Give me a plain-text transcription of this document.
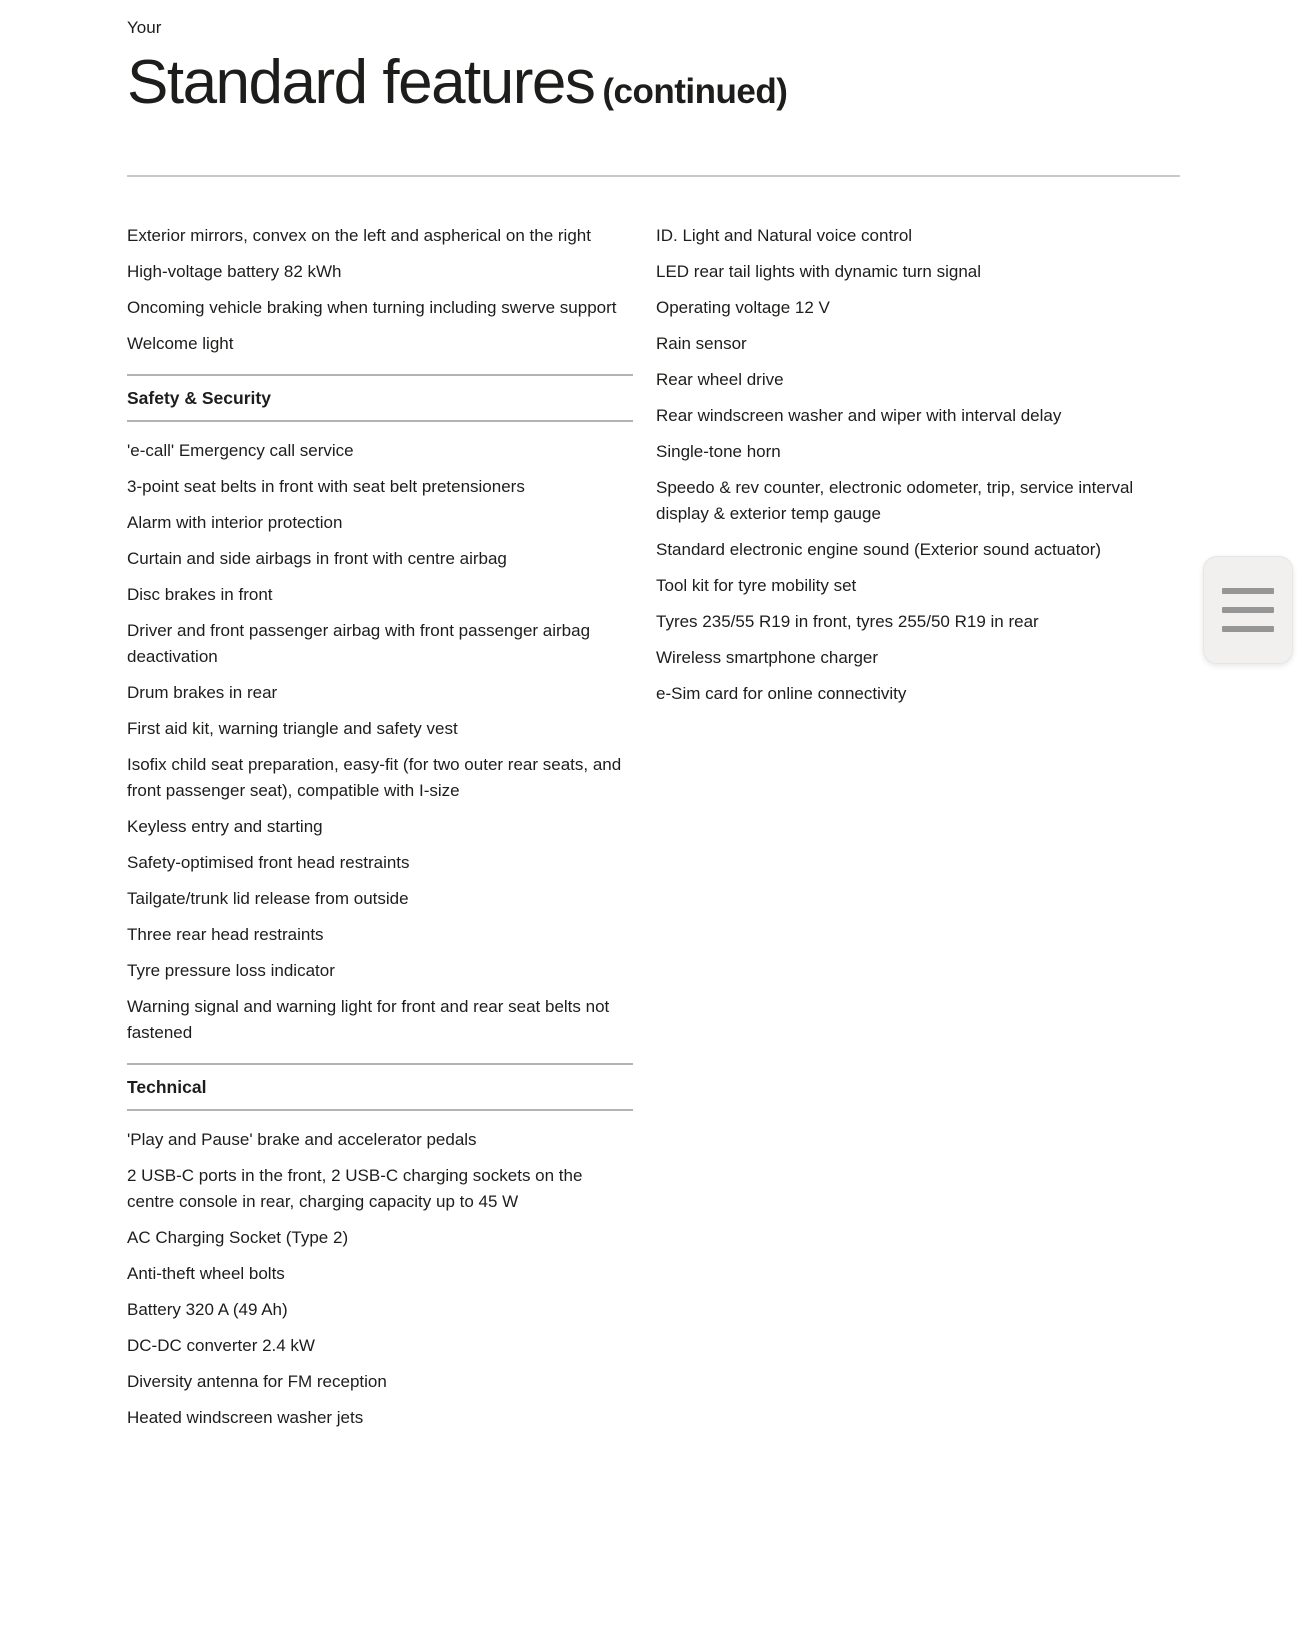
Your
Standard features (continued)

Exterior mirrors, convex on the left and aspherical on the right

High-voltage battery 82 kWh

Oncoming vehicle braking when turning including swerve support

Welcome light

Safety & Security

'e-call' Emergency call service

3-point seat belts in front with seat belt pretensioners

Alarm with interior protection

Curtain and side airbags in front with centre airbag

Disc brakes in front

Driver and front passenger airbag with front passenger airbag deactivation

Drum brakes in rear

First aid kit, warning triangle and safety vest

Isofix child seat preparation, easy-fit (for two outer rear seats, and front passenger seat), compatible with I-size

Keyless entry and starting

Safety-optimised front head restraints

Tailgate/trunk lid release from outside

Three rear head restraints

Tyre pressure loss indicator

Warning signal and warning light for front and rear seat belts not fastened

Technical

'Play and Pause' brake and accelerator pedals

2 USB-C ports in the front, 2 USB-C charging sockets on the centre console in rear, charging capacity up to 45 W

AC Charging Socket (Type 2)

Anti-theft wheel bolts

Battery 320 A (49 Ah)

DC-DC converter 2.4 kW

Diversity antenna for FM reception

Heated windscreen washer jets

ID. Light and Natural voice control

LED rear tail lights with dynamic turn signal

Operating voltage 12 V

Rain sensor

Rear wheel drive

Rear windscreen washer and wiper with interval delay

Single-tone horn

Speedo & rev counter, electronic odometer, trip, service interval display & exterior temp gauge

Standard electronic engine sound (Exterior sound actuator)

Tool kit for tyre mobility set

Tyres 235/55 R19 in front, tyres 255/50 R19 in rear

Wireless smartphone charger

e-Sim card for online connectivity
